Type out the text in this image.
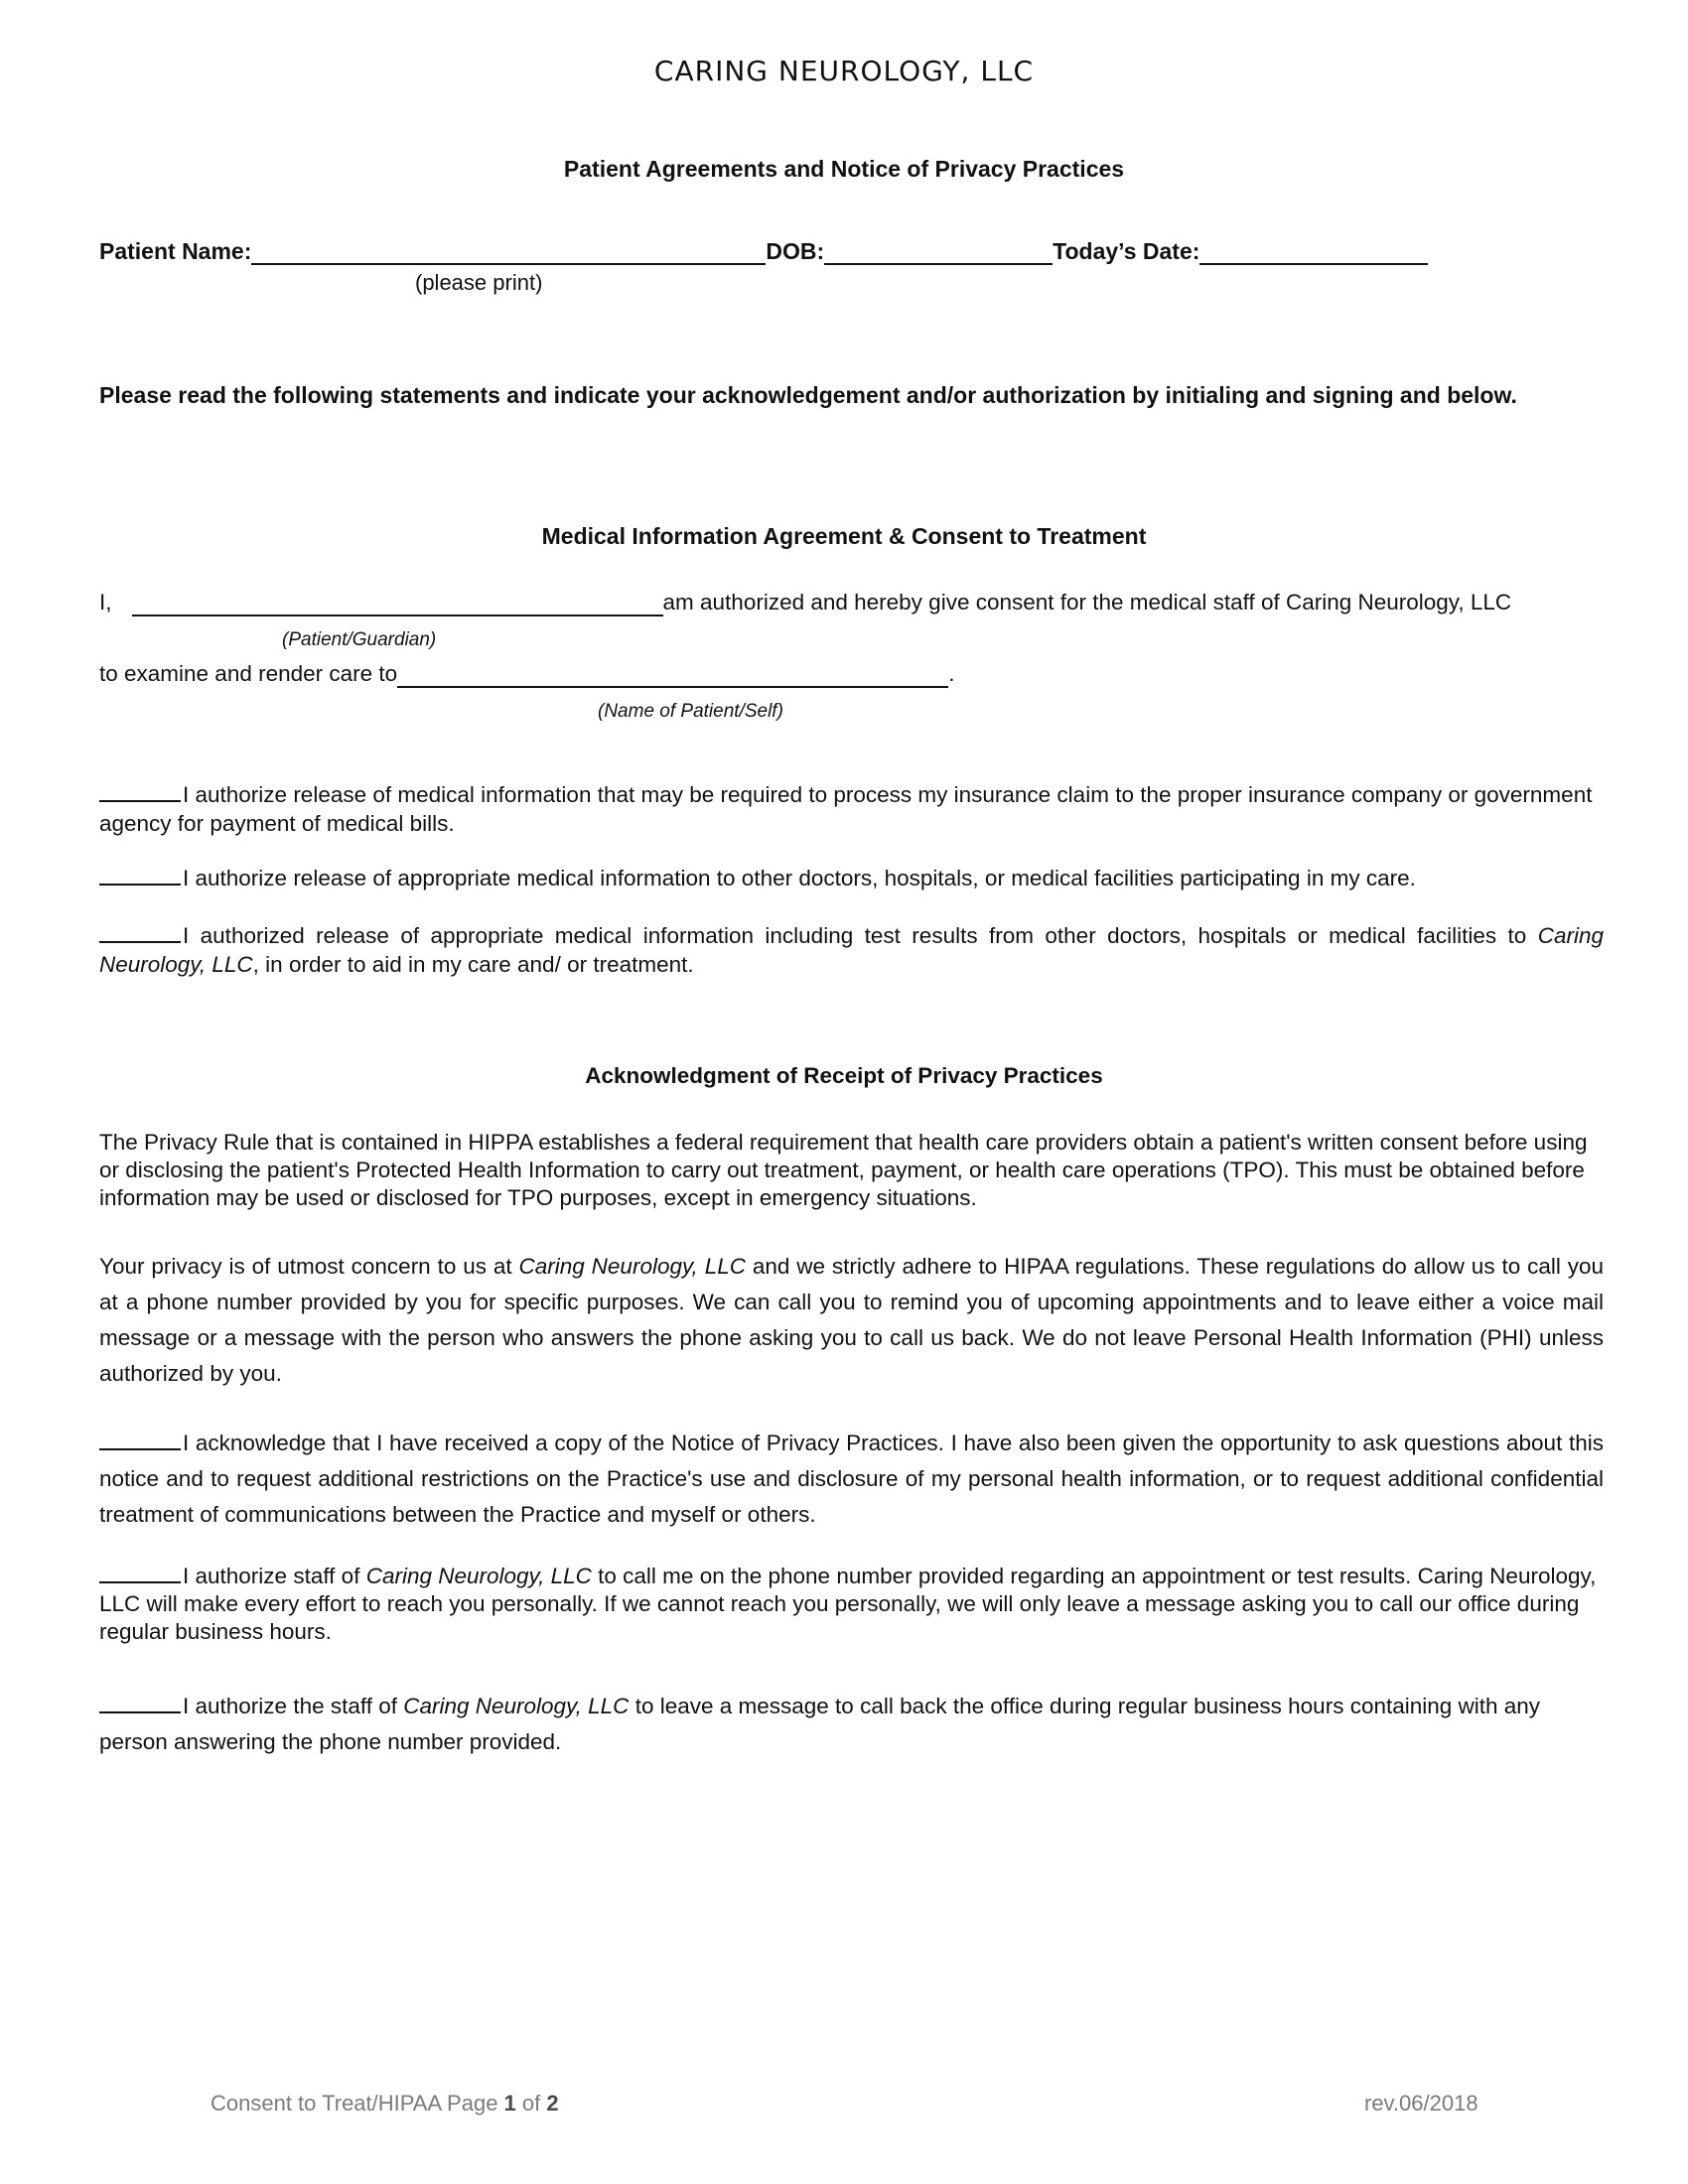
CARING NEUROLOGY, LLC
Patient Agreements and Notice of Privacy Practices
Patient Name:	DOB:	Today’s Date:
(please print)
Please read the following statements and indicate your acknowledgement and/or authorization by initialing and signing and below.
Medical Information Agreement & Consent to Treatment
I,	am authorized and hereby give consent for the medical staff of Caring Neurology, LLC
(Patient/Guardian)
to examine and render care to	.
(Name of Patient/Self)
I authorize release of medical information that may be required to process my insurance claim to the proper insurance company or government agency for payment of medical bills.
I authorize release of appropriate medical information to other doctors, hospitals, or medical facilities participating in my care.
I authorized release of appropriate medical information including test results from other doctors, hospitals or medical facilities to Caring Neurology, LLC, in order to aid in my care and/ or treatment.
Acknowledgment of Receipt of Privacy Practices
The Privacy Rule that is contained in HIPPA establishes a federal requirement that health care providers obtain a patient's written consent before using or disclosing the patient's Protected Health Information to carry out treatment, payment, or health care operations (TPO). This must be obtained before information may be used or disclosed for TPO purposes, except in emergency situations.
Your privacy is of utmost concern to us at Caring Neurology, LLC and we strictly adhere to HIPAA regulations. These regulations do allow us to call you at a phone number provided by you for specific purposes. We can call you to remind you of upcoming appointments and to leave either a voice mail message or a message with the person who answers the phone asking you to call us back. We do not leave Personal Health Information (PHI) unless authorized by you.
I acknowledge that I have received a copy of the Notice of Privacy Practices. I have also been given the opportunity to ask questions about this notice and to request additional restrictions on the Practice's use and disclosure of my personal health information, or to request additional confidential treatment of communications between the Practice and myself or others.
I authorize staff of Caring Neurology, LLC to call me on the phone number provided regarding an appointment or test results. Caring Neurology, LLC will make every effort to reach you personally. If we cannot reach you personally, we will only leave a message asking you to call our office during regular business hours.
I authorize the staff of Caring Neurology, LLC to leave a message to call back the office during regular business hours containing with any person answering the phone number provided.
Consent to Treat/HIPAA Page 1 of 2	rev.06/2018
